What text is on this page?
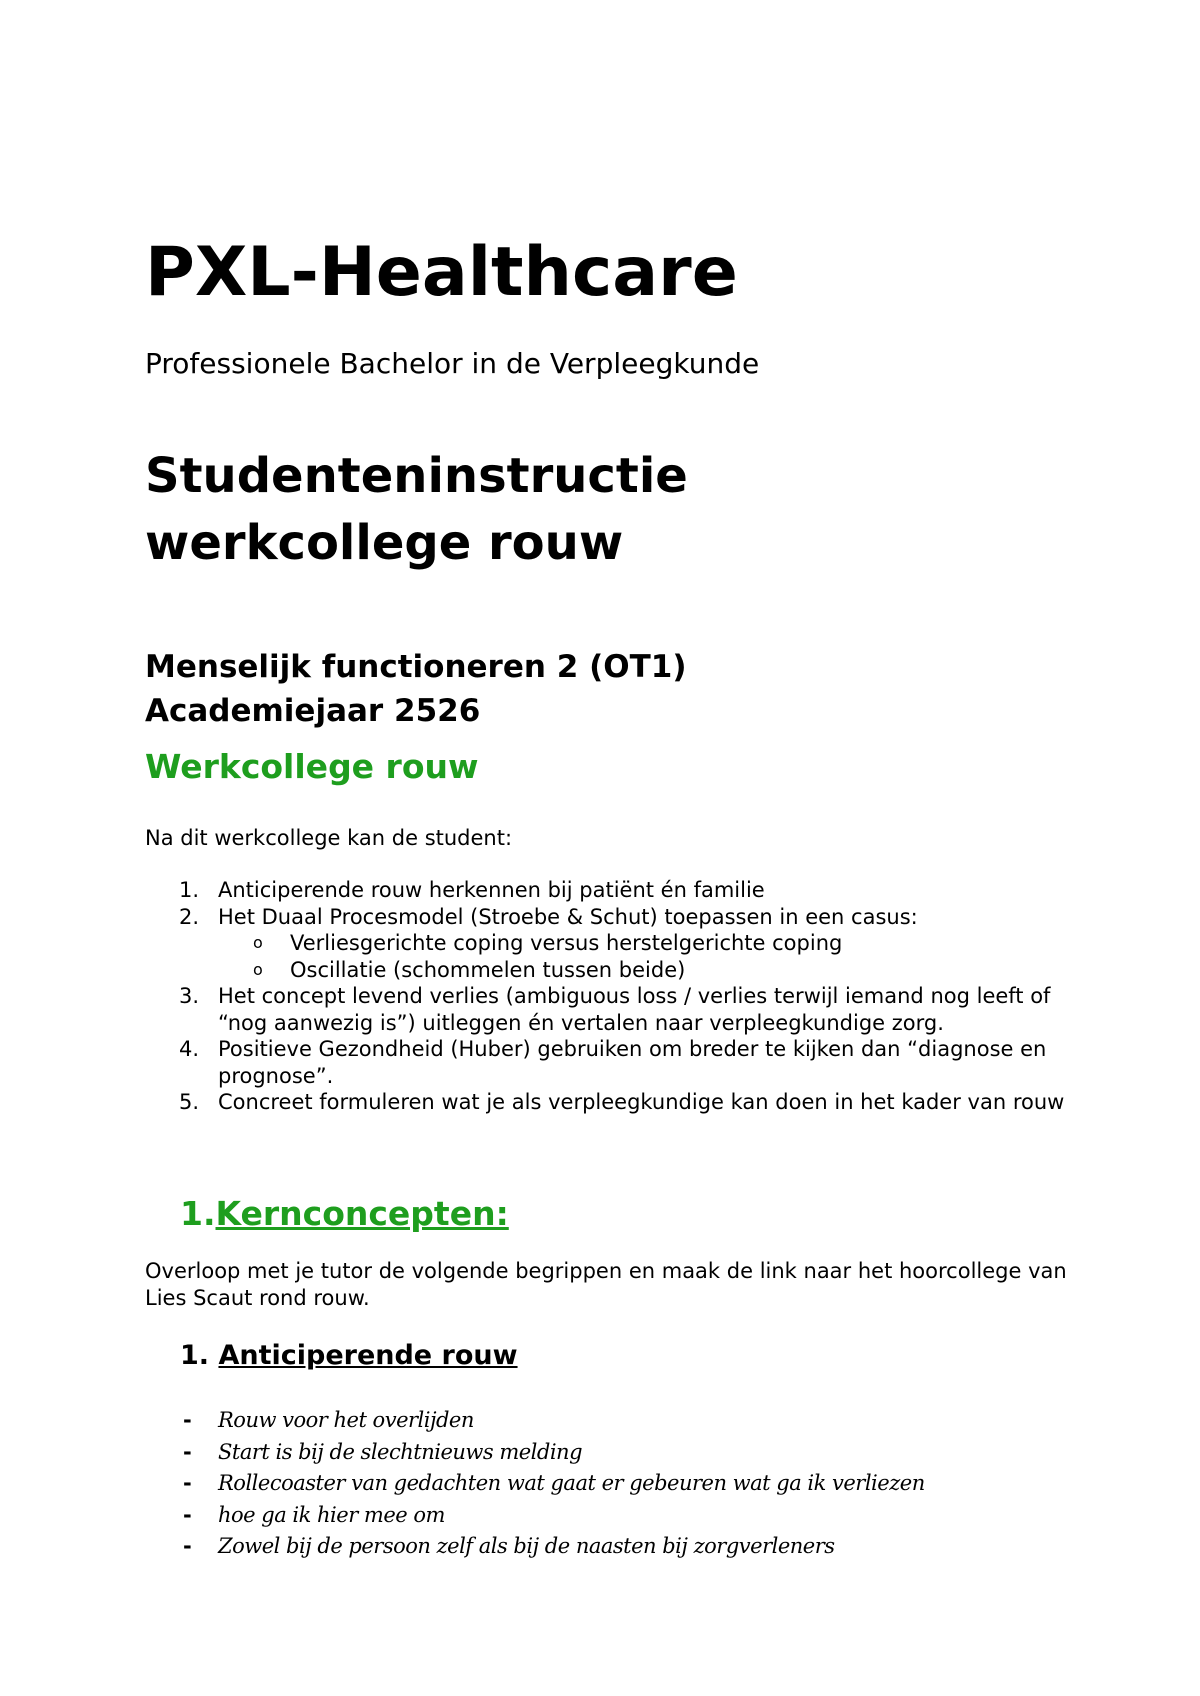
PXL-Healthcare
Professionele Bachelor in de Verpleegkunde
Studenteninstructie
werkcollege rouw
Menselijk functioneren 2 (OT1)
Academiejaar 2526
Werkcollege rouw
Na dit werkcollege kan de student:
1. Anticiperende rouw herkennen bij patiënt én familie
2. Het Duaal Procesmodel (Stroebe & Schut) toepassen in een casus:
o Verliesgerichte coping versus herstelgerichte coping
o Oscillatie (schommelen tussen beide)
3. Het concept levend verlies (ambiguous loss / verlies terwijl iemand nog leeft of “nog aanwezig is”) uitleggen én vertalen naar verpleegkundige zorg.
4. Positieve Gezondheid (Huber) gebruiken om breder te kijken dan “diagnose en prognose”.
5. Concreet formuleren wat je als verpleegkundige kan doen in het kader van rouw
1.Kernconcepten:
Overloop met je tutor de volgende begrippen en maak de link naar het hoorcollege van Lies Scaut rond rouw.
1. Anticiperende rouw
- Rouw voor het overlijden
- Start is bij de slechtnieuws melding
- Rollecoaster van gedachten wat gaat er gebeuren wat ga ik verliezen
- hoe ga ik hier mee om
- Zowel bij de persoon zelf als bij de naasten bij zorgverleners
